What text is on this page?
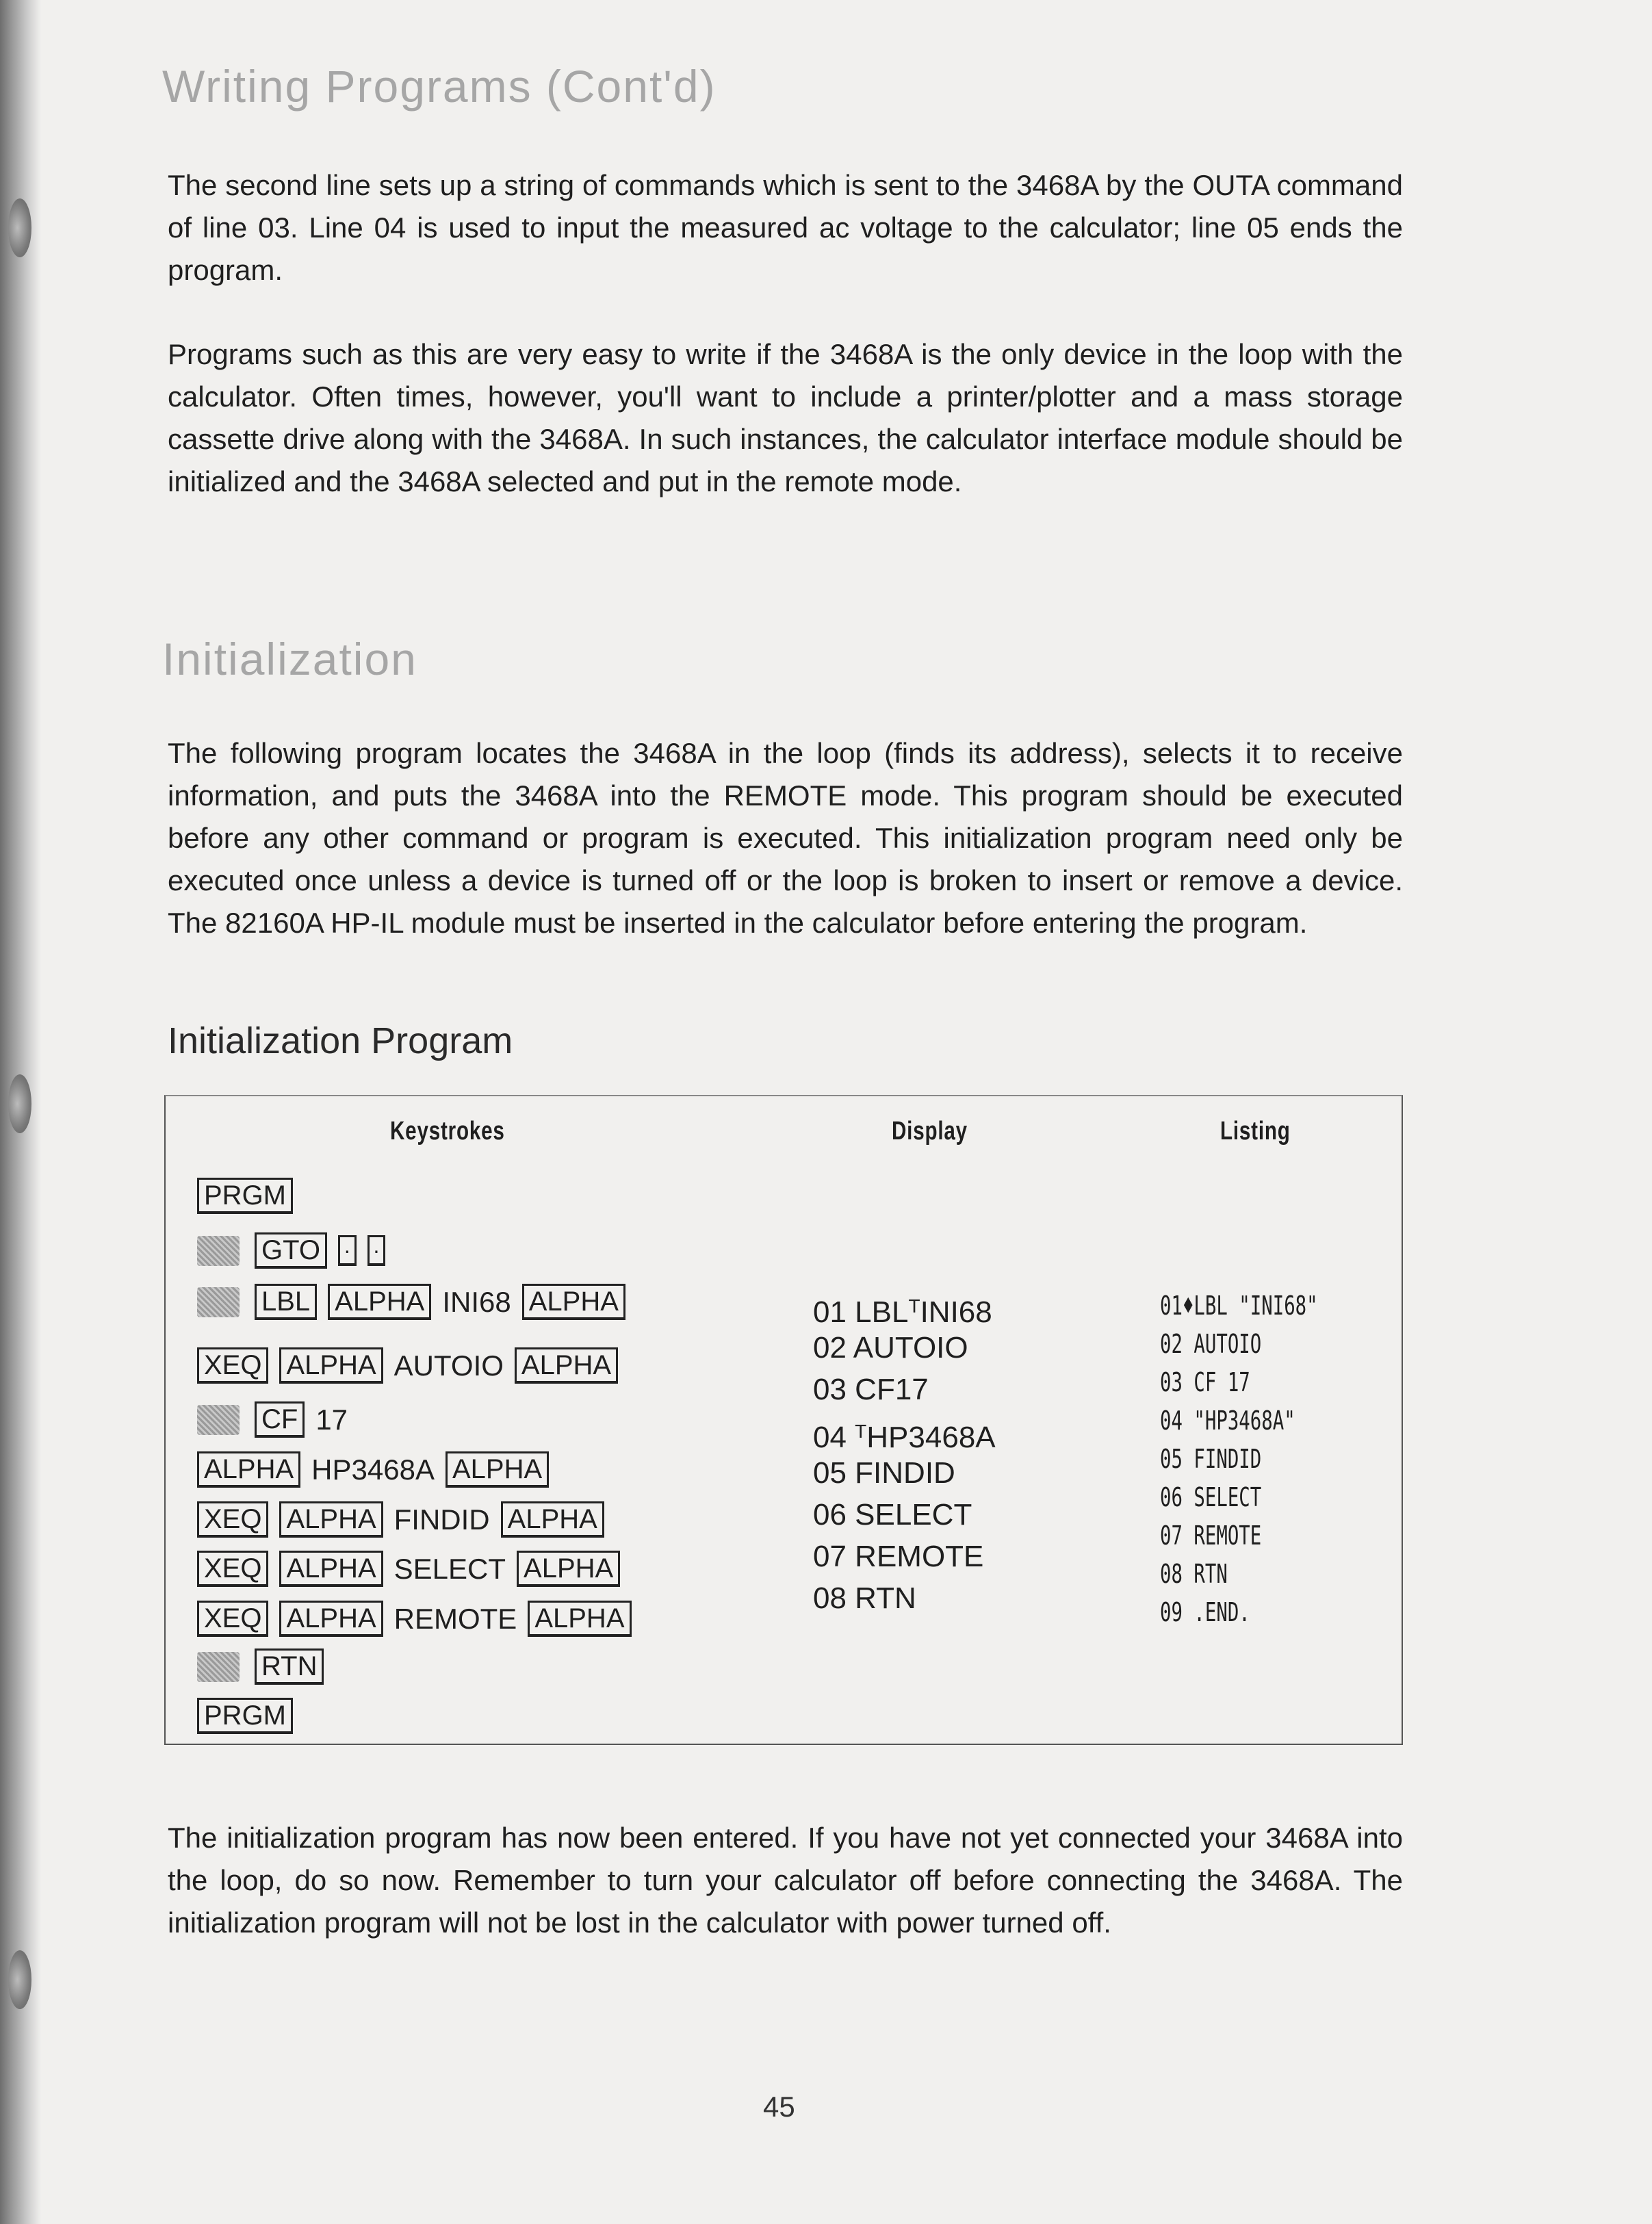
Writing Programs (Cont'd)

The second line sets up a string of commands which is sent to the 3468A by the OUTA command of line 03. Line 04 is used to input the measured ac voltage to the calculator; line 05 ends the program.

Programs such as this are very easy to write if the 3468A is the only device in the loop with the calculator. Often times, however, you'll want to include a printer/plotter and a mass storage cassette drive along with the 3468A. In such instances, the calculator interface module should be initialized and the 3468A selected and put in the remote mode.

Initialization

The following program locates the 3468A in the loop (finds its address), selects it to receive information, and puts the 3468A into the REMOTE mode. This program should be executed before any other command or program is executed. This initialization program need only be executed once unless a device is turned off or the loop is broken to insert or remove a device. The 82160A HP-IL module must be inserted in the calculator before entering the program.

Initialization Program
Keystrokes	Display	Listing
PRGM
GTO · ·
LBL ALPHA INI68 ALPHA
XEQ ALPHA AUTOIO ALPHA
CF 17
ALPHA HP3468A ALPHA
XEQ ALPHA FINDID ALPHA
XEQ ALPHA SELECT ALPHA
XEQ ALPHA REMOTE ALPHA
RTN
PRGM
01 $LBL^TINI68$
02 AUTOIO
03 CF17
04 $^T$HP3468A
05 FINDID
06 SELECT
07 REMOTE
08 RTN
01♦LBL "INI68"
02 AUTOIO
03 CF 17
04 "HP3468A"
05 FINDID
06 SELECT
07 REMOTE
08 RTN
09 .END.

The initialization program has now been entered. If you have not yet connected your 3468A into the loop, do so now. Remember to turn your calculator off before connecting the 3468A. The initialization program will not be lost in the calculator with power turned off.

45
